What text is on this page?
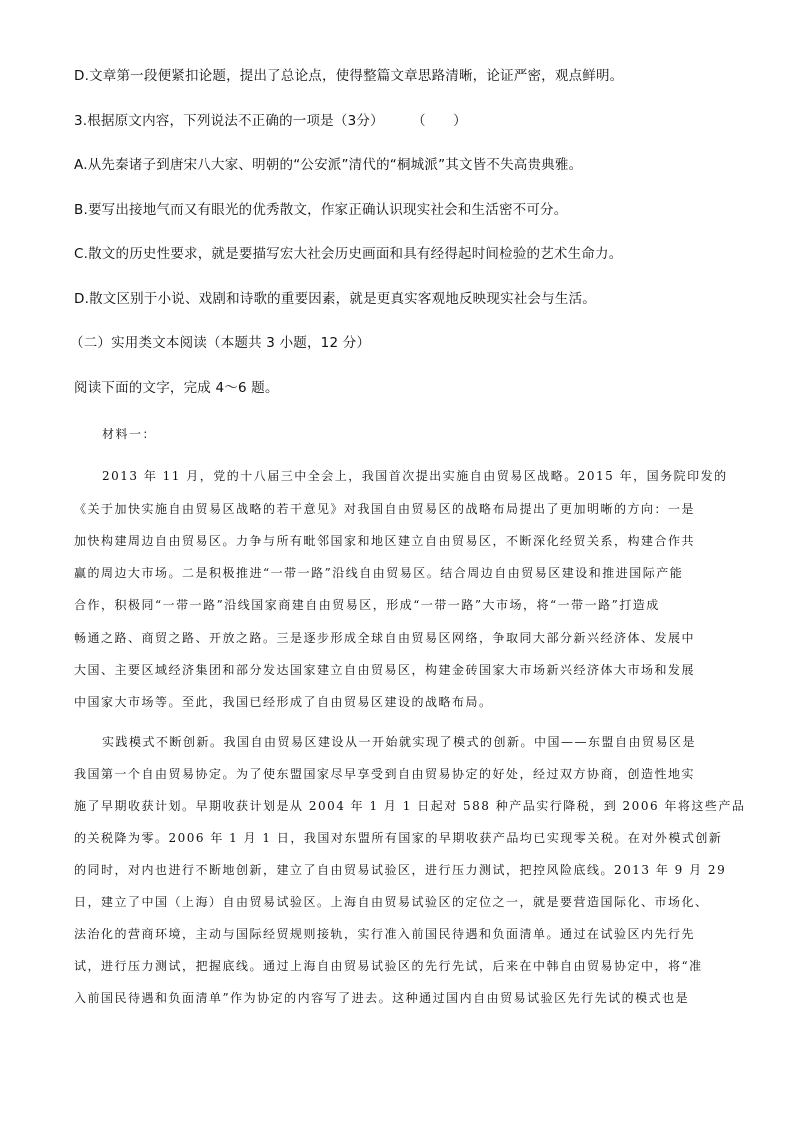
D.文章第一段便紧扣论题，提出了总论点，使得整篇文章思路清晰，论证严密，观点鲜明。
3.根据原文内容，下列说法不正确的一项是（3分） （　　）
A.从先秦诸子到唐宋八大家、明朝的“公安派”清代的“桐城派”其文皆不失高贵典雅。
B.要写出接地气而又有眼光的优秀散文，作家正确认识现实社会和生活密不可分。
C.散文的历史性要求，就是要描写宏大社会历史画面和具有经得起时间检验的艺术生命力。
D.散文区别于小说、戏剧和诗歌的重要因素，就是更真实客观地反映现实社会与生活。
（二）实用类文本阅读（本题共 3 小题，12 分）
阅读下面的文字，完成 4～6 题。
材料一：
2013 年 11 月，党的十八届三中全会上，我国首次提出实施自由贸易区战略。2015 年，国务院印发的
《关于加快实施自由贸易区战略的若干意见》对我国自由贸易区的战略布局提出了更加明晰的方向：一是
加快构建周边自由贸易区。力争与所有毗邻国家和地区建立自由贸易区，不断深化经贸关系，构建合作共
赢的周边大市场。二是积极推进“一带一路”沿线自由贸易区。结合周边自由贸易区建设和推进国际产能
合作，积极同“一带一路”沿线国家商建自由贸易区，形成“一带一路”大市场，将“一带一路”打造成
畅通之路、商贸之路、开放之路。三是逐步形成全球自由贸易区网络，争取同大部分新兴经济体、发展中
大国、主要区域经济集团和部分发达国家建立自由贸易区，构建金砖国家大市场新兴经济体大市场和发展
中国家大市场等。至此，我国已经形成了自由贸易区建设的战略布局。
实践模式不断创新。我国自由贸易区建设从一开始就实现了模式的创新。中国——东盟自由贸易区是
我国第一个自由贸易协定。为了使东盟国家尽早享受到自由贸易协定的好处，经过双方协商，创造性地实
施了早期收获计划。早期收获计划是从 2004 年 1 月 1 日起对 588 种产品实行降税，到 2006 年将这些产品
的关税降为零。2006 年 1 月 1 日，我国对东盟所有国家的早期收获产品均已实现零关税。在对外模式创新
的同时，对内也进行不断地创新，建立了自由贸易试验区，进行压力测试，把控风险底线。2013 年 9 月 29
日，建立了中国（上海）自由贸易试验区。上海自由贸易试验区的定位之一，就是要营造国际化、市场化、
法治化的营商环境，主动与国际经贸规则接轨，实行准入前国民待遇和负面清单。通过在试验区内先行先
试，进行压力测试，把握底线。通过上海自由贸易试验区的先行先试，后来在中韩自由贸易协定中，将“准
入前国民待遇和负面清单”作为协定的内容写了进去。这种通过国内自由贸易试验区先行先试的模式也是
